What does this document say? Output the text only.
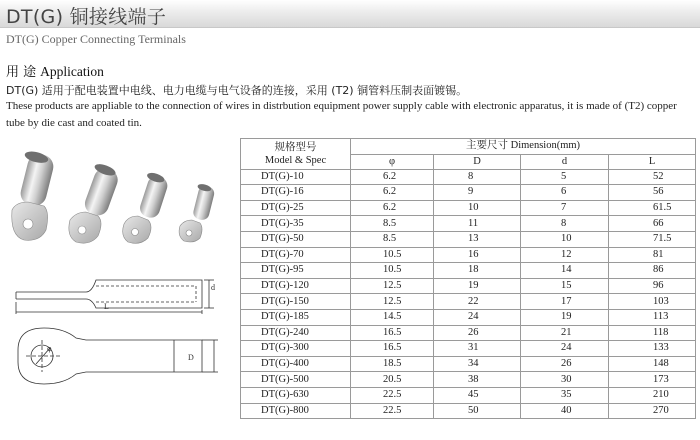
DT(G) 铜接线端子
DT(G) Copper Connecting Terminals
用 途 Application
DT(G) 适用于配电装置中电线、电力电缆与电气设备的连接，采用 (T2) 铜管料压制表面镀锡。
These products are appliable to the connection of wires in distrbution equipment power supply cable with electronic apparatus, it is made of (T2) copper tube by die cast and coated tin.
d
L
φ
D
规格型号
Model & Spec	主要尺寸 Dimension(mm)			
	φ	D	d	L
DT(G)-10	6.2	8	5	52
DT(G)-16	6.2	9	6	56
DT(G)-25	6.2	10	7	61.5
DT(G)-35	8.5	11	8	66
DT(G)-50	8.5	13	10	71.5
DT(G)-70	10.5	16	12	81
DT(G)-95	10.5	18	14	86
DT(G)-120	12.5	19	15	96
DT(G)-150	12.5	22	17	103
DT(G)-185	14.5	24	19	113
DT(G)-240	16.5	26	21	118
DT(G)-300	16.5	31	24	133
DT(G)-400	18.5	34	26	148
DT(G)-500	20.5	38	30	173
DT(G)-630	22.5	45	35	210
DT(G)-800	22.5	50	40	270
